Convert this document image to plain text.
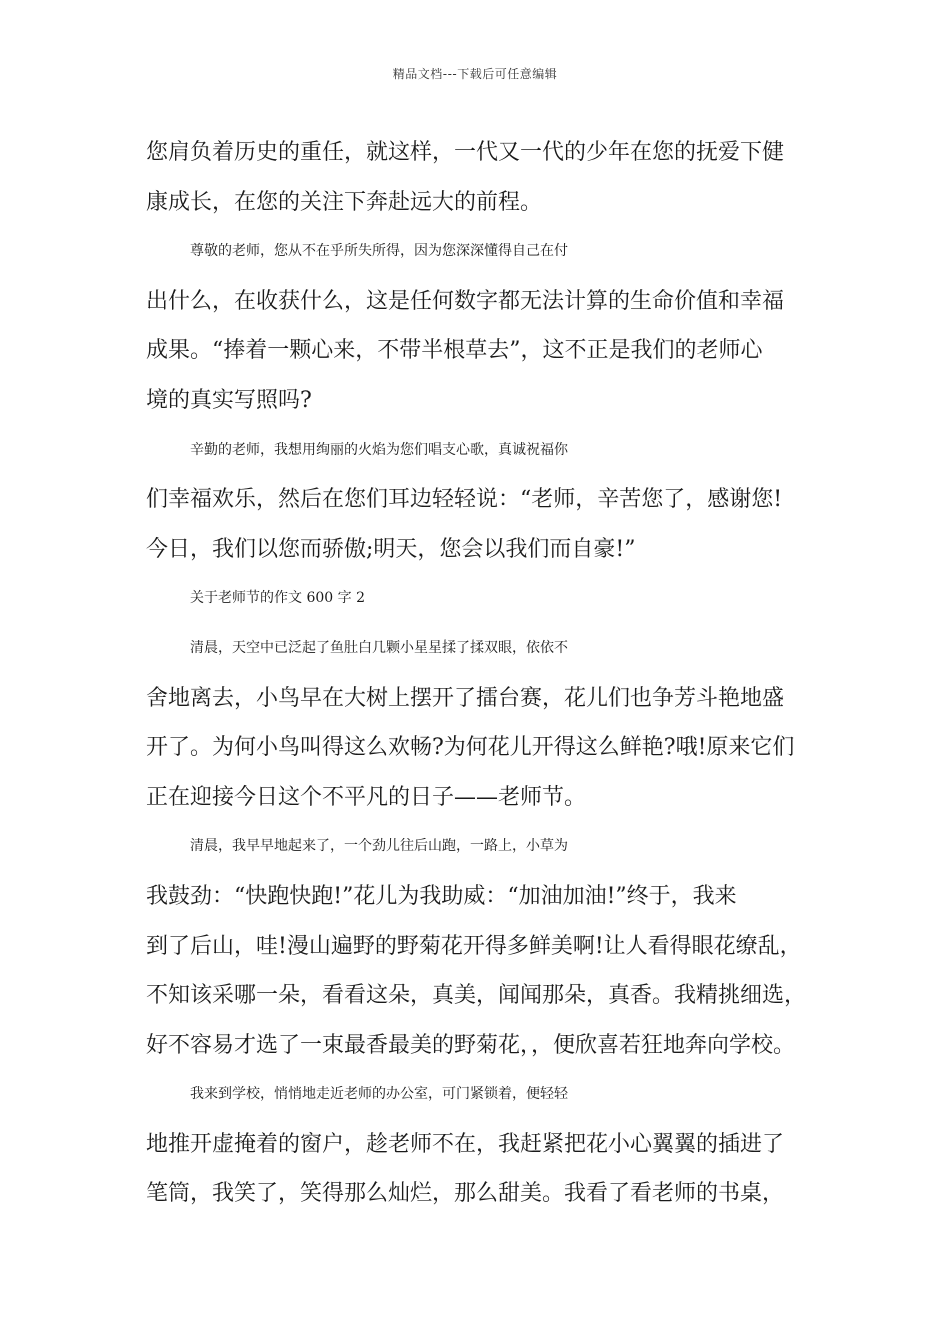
精品文档---下载后可任意编辑
您肩负着历史的重任，就这样，一代又一代的少年在您的抚爱下健
康成长，在您的关注下奔赴远大的前程。
尊敬的老师，您从不在乎所失所得，因为您深深懂得自己在付
出什么，在收获什么，这是任何数字都无法计算的生命价值和幸福
成果。“捧着一颗心来，不带半根草去”，这不正是我们的老师心
境的真实写照吗?
辛勤的老师，我想用绚丽的火焰为您们唱支心歌，真诚祝福你
们幸福欢乐，然后在您们耳边轻轻说：“老师，辛苦您了，感谢您!
今日，我们以您而骄傲;明天，您会以我们而自豪!”
关于老师节的作文 600 字 2
清晨，天空中已泛起了鱼肚白几颗小星星揉了揉双眼，依依不
舍地离去，小鸟早在大树上摆开了擂台赛，花儿们也争芳斗艳地盛
开了。为何小鸟叫得这么欢畅?为何花儿开得这么鲜艳?哦!原来它们
正在迎接今日这个不平凡的日子——老师节。
清晨，我早早地起来了，一个劲儿往后山跑，一路上，小草为
我鼓劲：“快跑快跑!”花儿为我助威：“加油加油!”终于，我来
到了后山，哇!漫山遍野的野菊花开得多鲜美啊!让人看得眼花缭乱，
不知该采哪一朵，看看这朵，真美，闻闻那朵，真香。我精挑细选，
好不容易才选了一束最香最美的野菊花，，便欣喜若狂地奔向学校。
我来到学校，悄悄地走近老师的办公室，可门紧锁着，便轻轻
地推开虚掩着的窗户，趁老师不在，我赶紧把花小心翼翼的插进了
笔筒，我笑了，笑得那么灿烂，那么甜美。我看了看老师的书桌，
